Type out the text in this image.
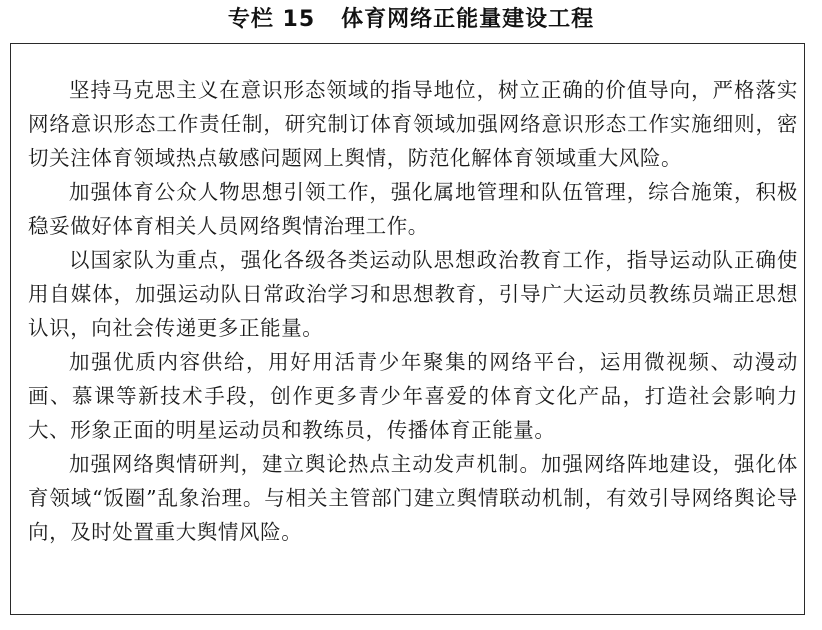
专栏 15   体育网络正能量建设工程

坚持马克思主义在意识形态领域的指导地位，树立正确的价值导向，严格落实网络意识形态工作责任制，研究制订体育领域加强网络意识形态工作实施细则，密切关注体育领域热点敏感问题网上舆情，防范化解体育领域重大风险。

加强体育公众人物思想引领工作，强化属地管理和队伍管理，综合施策，积极稳妥做好体育相关人员网络舆情治理工作。

以国家队为重点，强化各级各类运动队思想政治教育工作，指导运动队正确使用自媒体，加强运动队日常政治学习和思想教育，引导广大运动员教练员端正思想认识，向社会传递更多正能量。

加强优质内容供给，用好用活青少年聚集的网络平台，运用微视频、动漫动画、慕课等新技术手段，创作更多青少年喜爱的体育文化产品，打造社会影响力大、形象正面的明星运动员和教练员，传播体育正能量。

加强网络舆情研判，建立舆论热点主动发声机制。加强网络阵地建设，强化体育领域“饭圈”乱象治理。与相关主管部门建立舆情联动机制，有效引导网络舆论导向，及时处置重大舆情风险。
